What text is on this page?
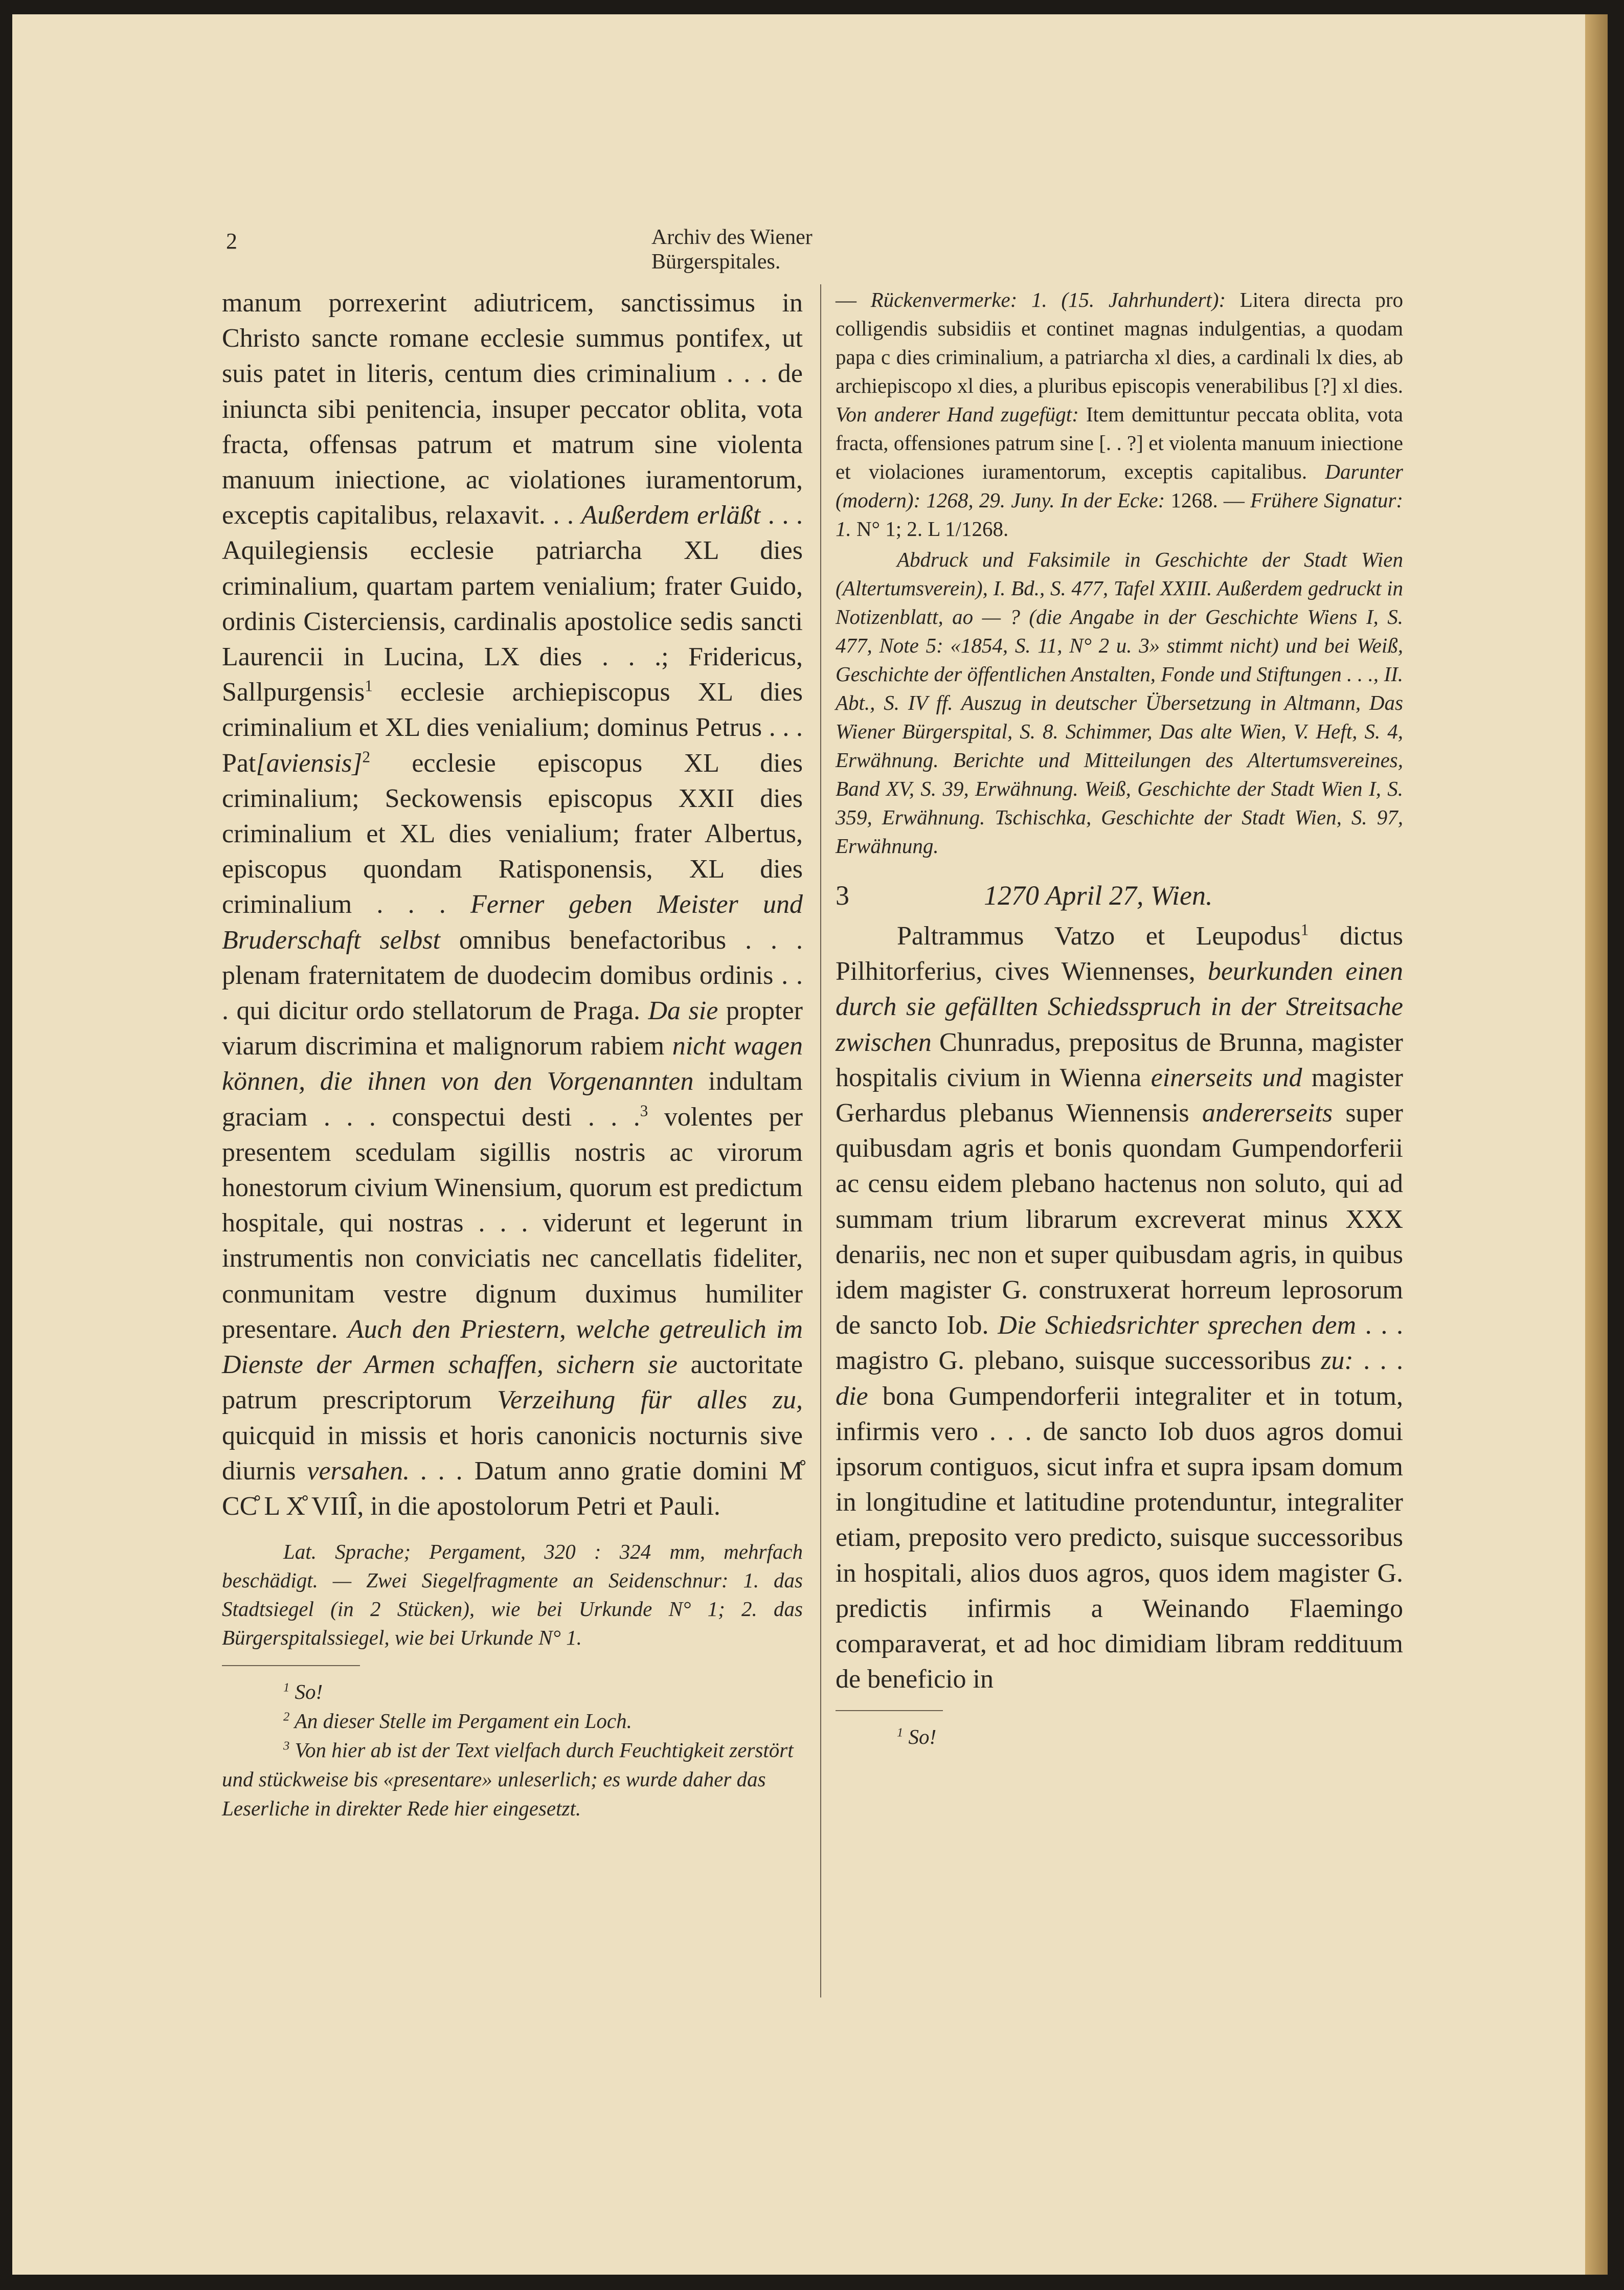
2	Archiv des Wiener Bürgerspitales.

manum porrexerint adiutricem, sanctissimus in Christo sancte romane ecclesie summus pontifex, ut suis patet in literis, centum dies criminalium . . . de iniuncta sibi penitencia, insuper peccator oblita, vota fracta, offensas patrum et matrum sine violenta manuum iniectione, ac violationes iuramentorum, exceptis capitalibus, relaxavit. . . Außerdem erläßt . . . Aquilegiensis ecclesie patriarcha XL dies criminalium, quartam partem venialium; frater Guido, ordinis Cisterciensis, cardinalis apostolice sedis sancti Laurencii in Lucina, LX dies . . .; Fridericus, Sallpurgensis$^1$ ecclesie archiepiscopus XL dies criminalium et XL dies venialium; dominus Petrus . . . Pat[aviensis]$^2$ ecclesie episcopus XL dies criminalium; Seckowensis episcopus XXII dies criminalium et XL dies venialium; frater Albertus, episcopus quondam Ratisponensis, XL dies criminalium . . . Ferner geben Meister und Bruderschaft selbst omnibus benefactoribus . . . plenam fraternitatem de duodecim domibus ordinis . . . qui dicitur ordo stellatorum de Praga. Da sie propter viarum discrimina et malignorum rabiem nicht wagen können, die ihnen von den Vorgenannten indultam graciam . . . conspectui desti . . .$^3$ volentes per presentem scedulam sigillis nostris ac virorum honestorum civium Winensium, quorum est predictum hospitale, qui nostras . . . viderunt et legerunt in instrumentis non conviciatis nec cancellatis fideliter, conmunitam vestre dignum duximus humiliter presentare. Auch den Priestern, welche getreulich im Dienste der Armen schaffen, sichern sie auctoritate patrum prescriptorum Verzeihung für alles zu, quicquid in missis et horis canonicis nocturnis sive diurnis versahen. . . . Datum anno gratie domini M̊ CC̊ L X̊ VIIÎ, in die apostolorum Petri et Pauli.

Lat. Sprache; Pergament, 320 : 324 mm, mehrfach beschädigt. — Zwei Siegelfragmente an Seidenschnur: 1. das Stadtsiegel (in 2 Stücken), wie bei Urkunde N° 1; 2. das Bürgerspitalssiegel, wie bei Urkunde N° 1.

$^1$ So!

$^2$ An dieser Stelle im Pergament ein Loch.

$^3$ Von hier ab ist der Text vielfach durch Feuchtigkeit zerstört und stückweise bis «presentare» unleserlich; es wurde daher das Leserliche in direkter Rede hier eingesetzt.

— Rückenvermerke: 1. (15. Jahrhundert): Litera directa pro colligendis subsidiis et continet magnas indulgentias, a quodam papa c dies criminalium, a patriarcha xl dies, a cardinali lx dies, ab archiepiscopo xl dies, a pluribus episcopis venerabilibus [?] xl dies. Von anderer Hand zugefügt: Item demittuntur peccata oblita, vota fracta, offensiones patrum sine [. . ?] et violenta manuum iniectione et violaciones iuramentorum, exceptis capitalibus. Darunter (modern): 1268, 29. Juny. In der Ecke: 1268. — Frühere Signatur: 1. N° 1; 2. L 1/1268.

Abdruck und Faksimile in Geschichte der Stadt Wien (Altertumsverein), I. Bd., S. 477, Tafel XXIII. Außerdem gedruckt in Notizenblatt, ao — ? (die Angabe in der Geschichte Wiens I, S. 477, Note 5: «1854, S. 11, N° 2 u. 3» stimmt nicht) und bei Weiß, Geschichte der öffentlichen Anstalten, Fonde und Stiftungen . . ., II. Abt., S. IV ff. Auszug in deutscher Übersetzung in Altmann, Das Wiener Bürgerspital, S. 8. Schimmer, Das alte Wien, V. Heft, S. 4, Erwähnung. Berichte und Mitteilungen des Altertumsvereines, Band XV, S. 39, Erwähnung. Weiß, Geschichte der Stadt Wien I, S. 359, Erwähnung. Tschischka, Geschichte der Stadt Wien, S. 97, Erwähnung.

3	1270 April 27, Wien.

Paltrammus Vatzo et Leupodus$^1$ dictus Pilhitorferius, cives Wiennenses, beurkunden einen durch sie gefällten Schiedsspruch in der Streitsache zwischen Chunradus, prepositus de Brunna, magister hospitalis civium in Wienna einerseits und magister Gerhardus plebanus Wiennensis andererseits super quibusdam agris et bonis quondam Gumpendorferii ac censu eidem plebano hactenus non soluto, qui ad summam trium librarum excreverat minus XXX denariis, nec non et super quibusdam agris, in quibus idem magister G. construxerat horreum leprosorum de sancto Iob. Die Schiedsrichter sprechen dem . . . magistro G. plebano, suisque successoribus zu: . . . die bona Gumpendorferii integraliter et in totum, infirmis vero . . . de sancto Iob duos agros domui ipsorum contiguos, sicut infra et supra ipsam domum in longitudine et latitudine protenduntur, integraliter etiam, preposito vero predicto, suisque successoribus in hospitali, alios duos agros, quos idem magister G. predictis infirmis a Weinando Flaemingo comparaverat, et ad hoc dimidiam libram reddituum de beneficio in

$^1$ So!
